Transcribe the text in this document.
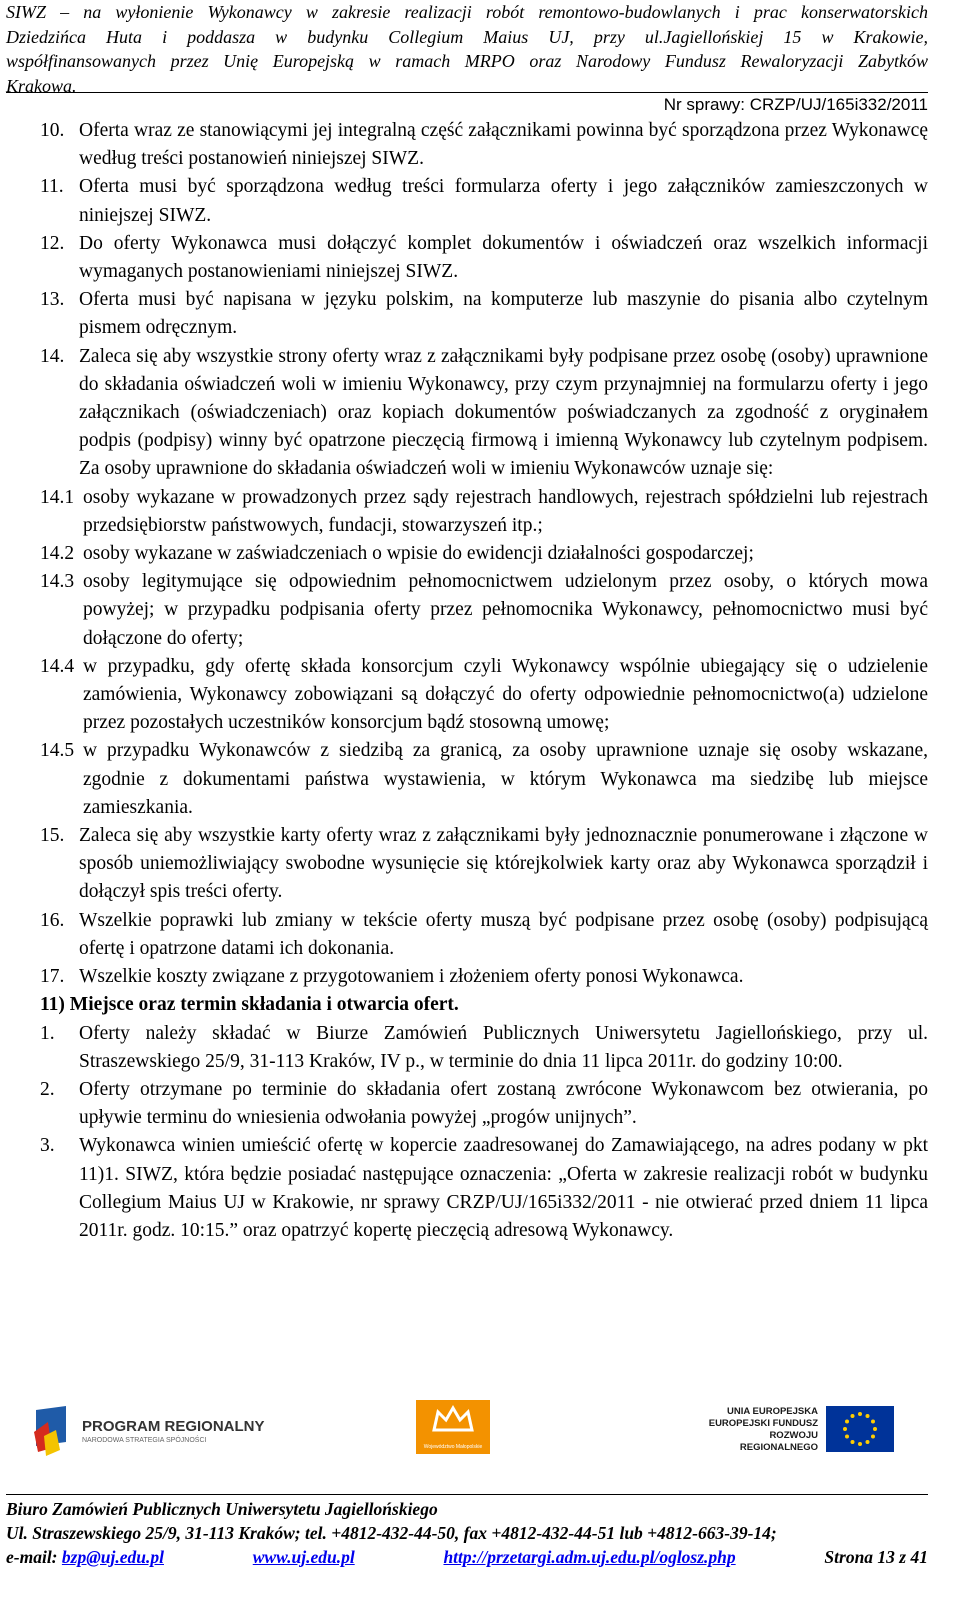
SIWZ – na wyłonienie Wykonawcy w zakresie realizacji robót remontowo-budowlanych i prac konserwatorskich
Dziedzińca Huta i poddasza w budynku Collegium Maius UJ, przy ul.Jagiellońskiej 15 w Krakowie,
współfinansowanych przez Unię Europejską w ramach MRPO oraz Narodowy Fundusz Rewaloryzacji Zabytków
Krakowa.
Nr sprawy: CRZP/UJ/165i332/2011
10. Oferta wraz ze stanowiącymi jej integralną część załącznikami powinna być sporządzona przez Wykonawcę według treści postanowień niniejszej SIWZ.
11. Oferta musi być sporządzona według treści formularza oferty i jego załączników zamieszczonych w niniejszej SIWZ.
12. Do oferty Wykonawca musi dołączyć komplet dokumentów i oświadczeń oraz wszelkich informacji wymaganych postanowieniami niniejszej SIWZ.
13. Oferta musi być napisana w języku polskim, na komputerze lub maszynie do pisania albo czytelnym pismem odręcznym.
14. Zaleca się aby wszystkie strony oferty wraz z załącznikami były podpisane przez osobę (osoby) uprawnione do składania oświadczeń woli w imieniu Wykonawcy, przy czym przynajmniej na formularzu oferty i jego załącznikach (oświadczeniach) oraz kopiach dokumentów poświadczanych za zgodność z oryginałem podpis (podpisy) winny być opatrzone pieczęcią firmową i imienną Wykonawcy lub czytelnym podpisem. Za osoby uprawnione do składania oświadczeń woli w imieniu Wykonawców uznaje się:
14.1 osoby wykazane w prowadzonych przez sądy rejestrach handlowych, rejestrach spółdzielni lub rejestrach przedsiębiorstw państwowych, fundacji, stowarzyszeń itp.;
14.2 osoby wykazane w zaświadczeniach o wpisie do ewidencji działalności gospodarczej;
14.3 osoby legitymujące się odpowiednim pełnomocnictwem udzielonym przez osoby, o których mowa powyżej; w przypadku podpisania oferty przez pełnomocnika Wykonawcy, pełnomocnictwo musi być dołączone do oferty;
14.4 w przypadku, gdy ofertę składa konsorcjum czyli Wykonawcy wspólnie ubiegający się o udzielenie zamówienia, Wykonawcy zobowiązani są dołączyć do oferty odpowiednie pełnomocnictwo(a) udzielone przez pozostałych uczestników konsorcjum bądź stosowną umowę;
14.5 w przypadku Wykonawców z siedzibą za granicą, za osoby uprawnione uznaje się osoby wskazane, zgodnie z dokumentami państwa wystawienia, w którym Wykonawca ma siedzibę lub miejsce zamieszkania.
15. Zaleca się aby wszystkie karty oferty wraz z załącznikami były jednoznacznie ponumerowane i złączone w sposób uniemożliwiający swobodne wysunięcie się którejkolwiek karty oraz aby Wykonawca sporządził i dołączył spis treści oferty.
16. Wszelkie poprawki lub zmiany w tekście oferty muszą być podpisane przez osobę (osoby) podpisującą ofertę i opatrzone datami ich dokonania.
17. Wszelkie koszty związane z przygotowaniem i złożeniem oferty ponosi Wykonawca.
11) Miejsce oraz termin składania i otwarcia ofert.
1.	Oferty należy składać w Biurze Zamówień Publicznych Uniwersytetu Jagiellońskiego, przy ul. Straszewskiego 25/9, 31-113 Kraków, IV p., w terminie do dnia 11 lipca 2011r. do godziny 10:00.
2.	Oferty otrzymane po terminie do składania ofert zostaną zwrócone Wykonawcom bez otwierania, po upływie terminu do wniesienia odwołania powyżej „progów unijnych”.
3.	Wykonawca winien umieścić ofertę w kopercie zaadresowanej do Zamawiającego, na adres podany w pkt 11)1. SIWZ, która będzie posiadać następujące oznaczenia: „Oferta w zakresie realizacji robót w budynku Collegium Maius UJ w Krakowie, nr sprawy CRZP/UJ/165i332/2011 - nie otwierać przed dniem 11 lipca 2011r. godz. 10:15.” oraz opatrzyć kopertę pieczęcią adresową Wykonawcy.
PROGRAM REGIONALNY
NARODOWA STRATEGIA SPÓJNOŚCI
Województwo Małopolskie
UNIA EUROPEJSKA
EUROPEJSKI FUNDUSZ
ROZWOJU REGIONALNEGO
Biuro Zamówień Publicznych Uniwersytetu Jagiellońskiego
Ul. Straszewskiego 25/9, 31-113 Kraków; tel. +4812-432-44-50, fax +4812-432-44-51 lub +4812-663-39-14;
e-mail: bzp@uj.edu.pl	www.uj.edu.pl	http://przetargi.adm.uj.edu.pl/oglosz.php	Strona 13 z 41
